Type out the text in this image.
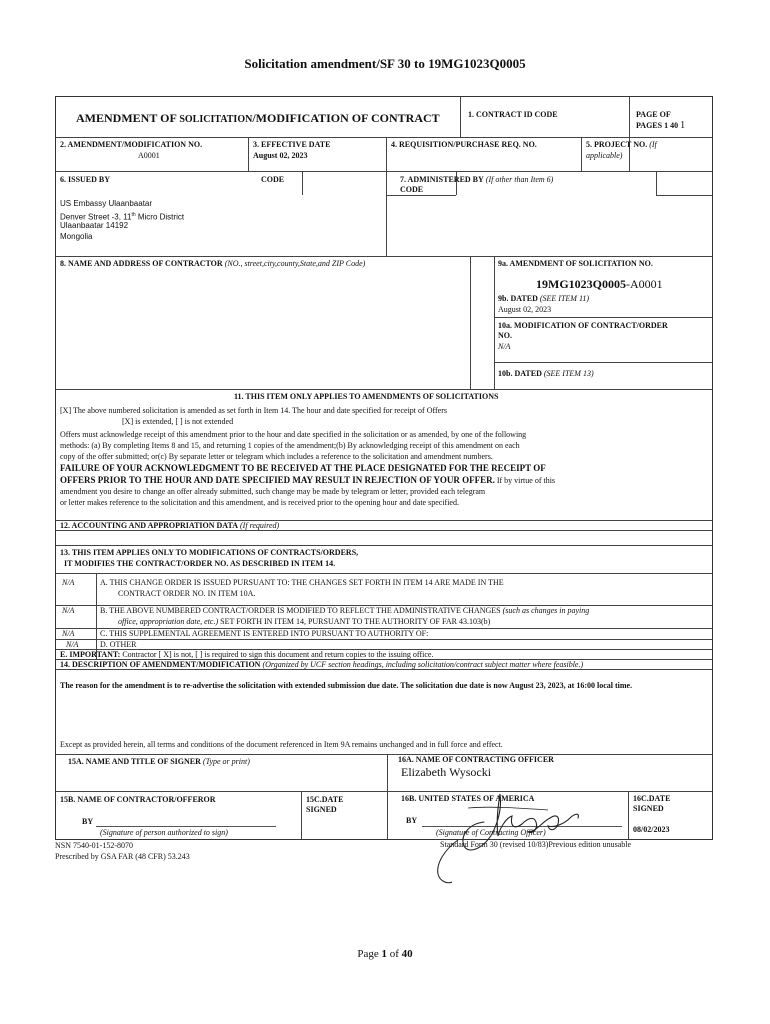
Solicitation amendment/SF 30 to 19MG1023Q0005
AMENDMENT OF SOLICITATION/MODIFICATION OF CONTRACT	1. CONTRACT ID CODE	PAGE OF
PAGES 1 40 1
2. AMENDMENT/MODIFICATION NO.
A0001
3. EFFECTIVE DATE
August 02, 2023
4. REQUISITION/PURCHASE REQ. NO.	5. PROJECT NO. (If
applicable)
6. ISSUED BY	CODE
US Embassy Ulaanbaatar
Denver Street -3, 11th Micro District
Ulaanbaatar 14192
Mongolia
7. ADMINISTERED BY (If other than Item 6)
CODE
8. NAME AND ADDRESS OF CONTRACTOR (NO., street,city,county,State,and ZIP Code)	9a. AMENDMENT OF SOLICITATION NO.
19MG1023Q0005-A0001
9b. DATED (SEE ITEM 11)
August 02, 2023
10a. MODIFICATION OF CONTRACT/ORDER
NO.
N/A
10b. DATED (SEE ITEM 13)
11. THIS ITEM ONLY APPLIES TO AMENDMENTS OF SOLICITATIONS
[X] The above numbered solicitation is amended as set forth in Item 14. The hour and date specified for receipt of Offers
[X] is extended, [ ] is not extended
Offers must acknowledge receipt of this amendment prior to the hour and date specified in the solicitation or as amended, by one of the following
methods: (a) By completing Items 8 and 15, and returning 1 copies of the amendment;(b) By acknowledging receipt of this amendment on each
copy of the offer submitted; or(c) By separate letter or telegram which includes a reference to the solicitation and amendment numbers.
FAILURE OF YOUR ACKNOWLEDGMENT TO BE RECEIVED AT THE PLACE DESIGNATED FOR THE RECEIPT OF
OFFERS PRIOR TO THE HOUR AND DATE SPECIFIED MAY RESULT IN REJECTION OF YOUR OFFER. If by virtue of this
amendment you desire to change an offer already submitted, such change may be made by telegram or letter, provided each telegram
or letter makes reference to the solicitation and this amendment, and is received prior to the opening hour and date specified.
12. ACCOUNTING AND APPROPRIATION DATA (If required)
13. THIS ITEM APPLIES ONLY TO MODIFICATIONS OF CONTRACTS/ORDERS,
IT MODIFIES THE CONTRACT/ORDER NO. AS DESCRIBED IN ITEM 14.
N/A	A. THIS CHANGE ORDER IS ISSUED PURSUANT TO: THE CHANGES SET FORTH IN ITEM 14 ARE MADE IN THE
CONTRACT ORDER NO. IN ITEM 10A.
N/A	B. THE ABOVE NUMBERED CONTRACT/ORDER IS MODIFIED TO REFLECT THE ADMINISTRATIVE CHANGES (such as changes in paying
office, appropriation date, etc.) SET FORTH IN ITEM 14, PURSUANT TO THE AUTHORITY OF FAR 43.103(b)
N/A	C. THIS SUPPLEMENTAL AGREEMENT IS ENTERED INTO PURSUANT TO AUTHORITY OF:
N/A	D. OTHER
E. IMPORTANT: Contractor [ X] is not, [ ] is required to sign this document and return copies to the issuing office.
14. DESCRIPTION OF AMENDMENT/MODIFICATION (Organized by UCF section headings, including solicitation/contract subject matter where feasible.)
The reason for the amendment is to re-advertise the solicitation with extended submission due date. The solicitation due date is now August 23, 2023, at 16:00 local time.
Except as provided herein, all terms and conditions of the document referenced in Item 9A remains unchanged and in full force and effect.
15A. NAME AND TITLE OF SIGNER (Type or print)	16A. NAME OF CONTRACTING OFFICER
Elizabeth Wysocki
15B. NAME OF CONTRACTOR/OFFEROR
BY
(Signature of person authorized to sign)
15C.DATE
SIGNED
16B. UNITED STATES OF AMERICA
BY
(Signature of Contracting Officer)
16C.DATE
SIGNED
08/02/2023
NSN 7540-01-152-8070
Prescribed by GSA FAR (48 CFR) 53.243
Standard Form 30 (revised 10/83)Previous edition unusable
Page 1 of 40
